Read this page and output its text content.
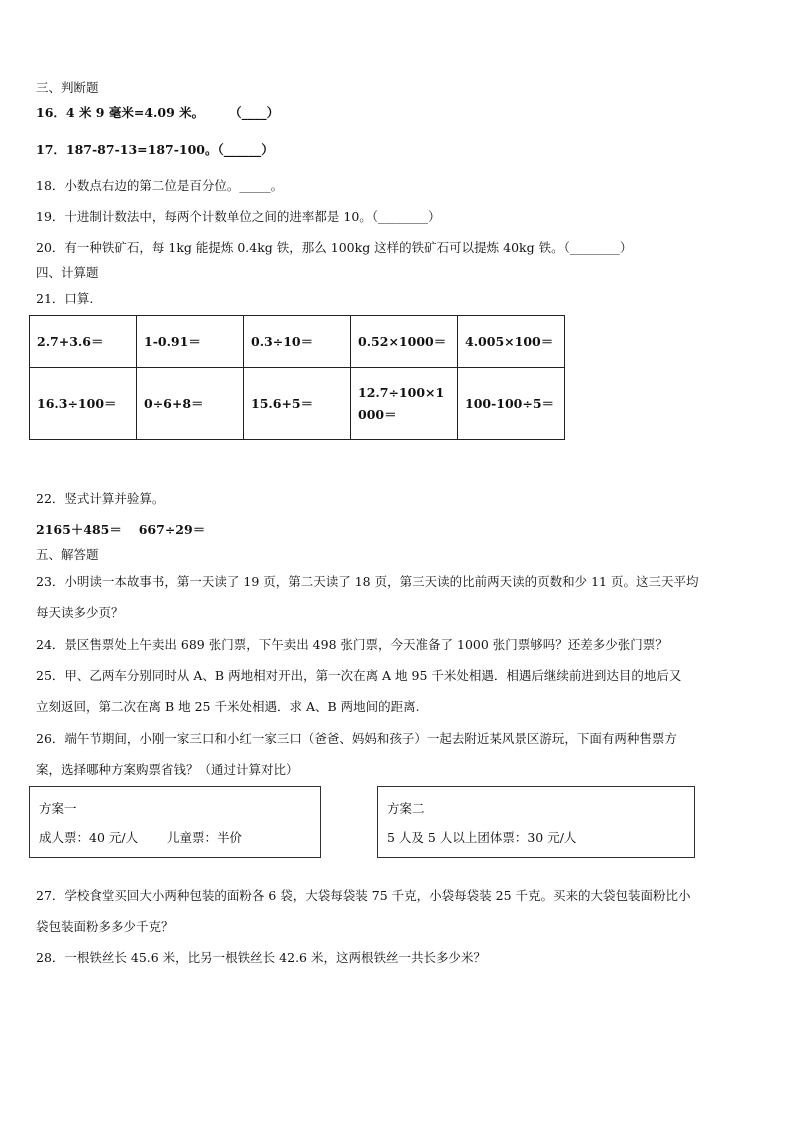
三、判断题
16．4 米 9 毫米=4.09 米。　　　（____）
17．187-87-13=187-100。（______）
18．小数点右边的第二位是百分位。_____。
19．十进制计数法中，每两个计数单位之间的进率都是 10。（________）
20．有一种铁矿石，每 1kg 能提炼 0.4kg 铁，那么 100kg 这样的铁矿石可以提炼 40kg 铁。（________）
四、计算题
21．口算.
2.7+3.6＝	1-0.91＝	0.3÷10＝	0.52×1000＝	4.005×100＝
16.3÷100＝	0÷6+8＝	15.6+5＝	12.7÷100×1000＝	100-100÷5＝
22．竖式计算并验算。
2165＋485＝　 667÷29＝
五、解答题
23．小明读一本故事书，第一天读了 19 页，第二天读了 18 页，第三天读的比前两天读的页数和少 11 页。这三天平均
每天读多少页？
24．景区售票处上午卖出 689 张门票，下午卖出 498 张门票，今天准备了 1000 张门票够吗？还差多少张门票？
25．甲、乙两车分别同时从 A、B 两地相对开出，第一次在离 A 地 95 千米处相遇．相遇后继续前进到达目的地后又
立刻返回，第二次在离 B 地 25 千米处相遇．求 A、B 两地间的距离.
26．端午节期间，小刚一家三口和小红一家三口（爸爸、妈妈和孩子）一起去附近某风景区游玩，下面有两种售票方
案，选择哪种方案购票省钱？（通过计算对比）
方案一
成人票：40 元/人 儿童票：半价
方案二
5 人及 5 人以上团体票：30 元/人
27．学校食堂买回大小两种包装的面粉各 6 袋，大袋每袋装 75 千克，小袋每袋装 25 千克。买来的大袋包装面粉比小
袋包装面粉多多少千克？
28．一根铁丝长 45.6 米，比另一根铁丝长 42.6 米，这两根铁丝一共长多少米？
